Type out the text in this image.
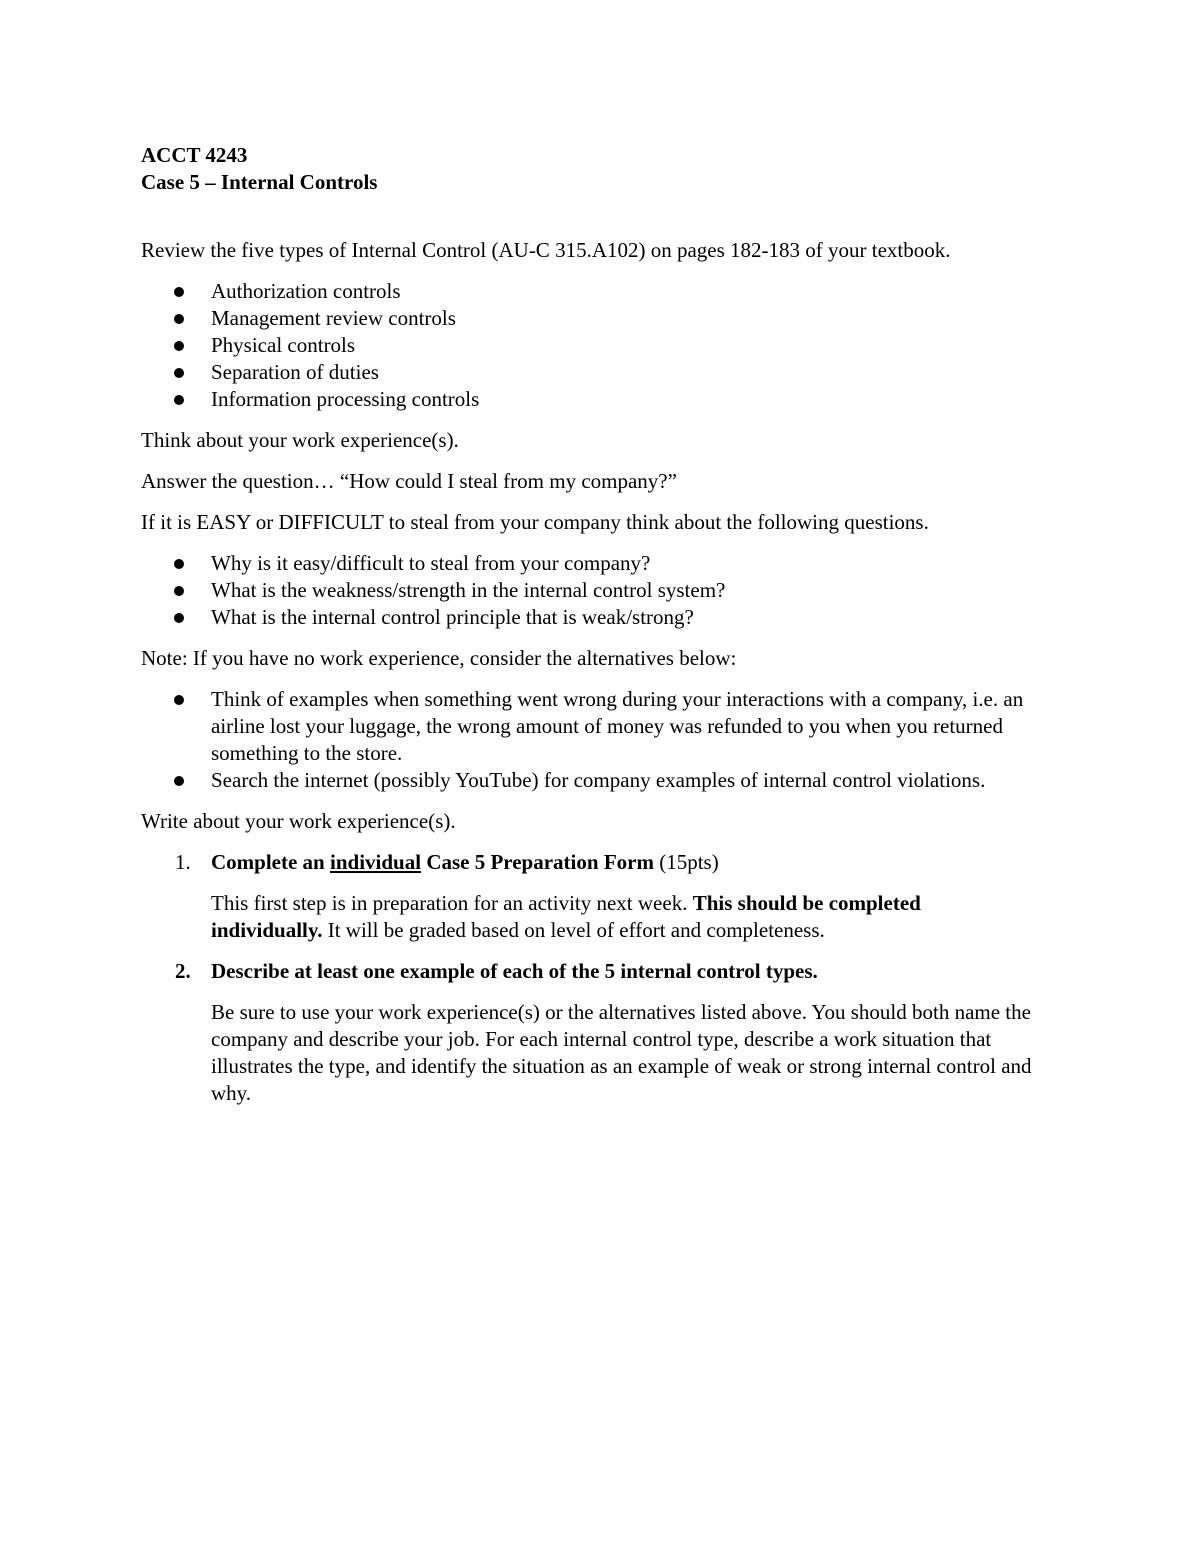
ACCT 4243
Case 5 – Internal Controls

Review the five types of Internal Control (AU-C 315.A102) on pages 182-183 of your textbook.

Authorization controls
Management review controls
Physical controls
Separation of duties
Information processing controls

Think about your work experience(s).

Answer the question… “How could I steal from my company?”

If it is EASY or DIFFICULT to steal from your company think about the following questions.

Why is it easy/difficult to steal from your company?
What is the weakness/strength in the internal control system?
What is the internal control principle that is weak/strong?

Note: If you have no work experience, consider the alternatives below:

Think of examples when something went wrong during your interactions with a company, i.e. an airline lost your luggage, the wrong amount of money was refunded to you when you returned something to the store.
Search the internet (possibly YouTube) for company examples of internal control violations.

Write about your work experience(s).

1. Complete an individual Case 5 Preparation Form (15pts)

This first step is in preparation for an activity next week. This should be completed individually. It will be graded based on level of effort and completeness.

2. Describe at least one example of each of the 5 internal control types.

Be sure to use your work experience(s) or the alternatives listed above. You should both name the company and describe your job. For each internal control type, describe a work situation that illustrates the type, and identify the situation as an example of weak or strong internal control and why.
